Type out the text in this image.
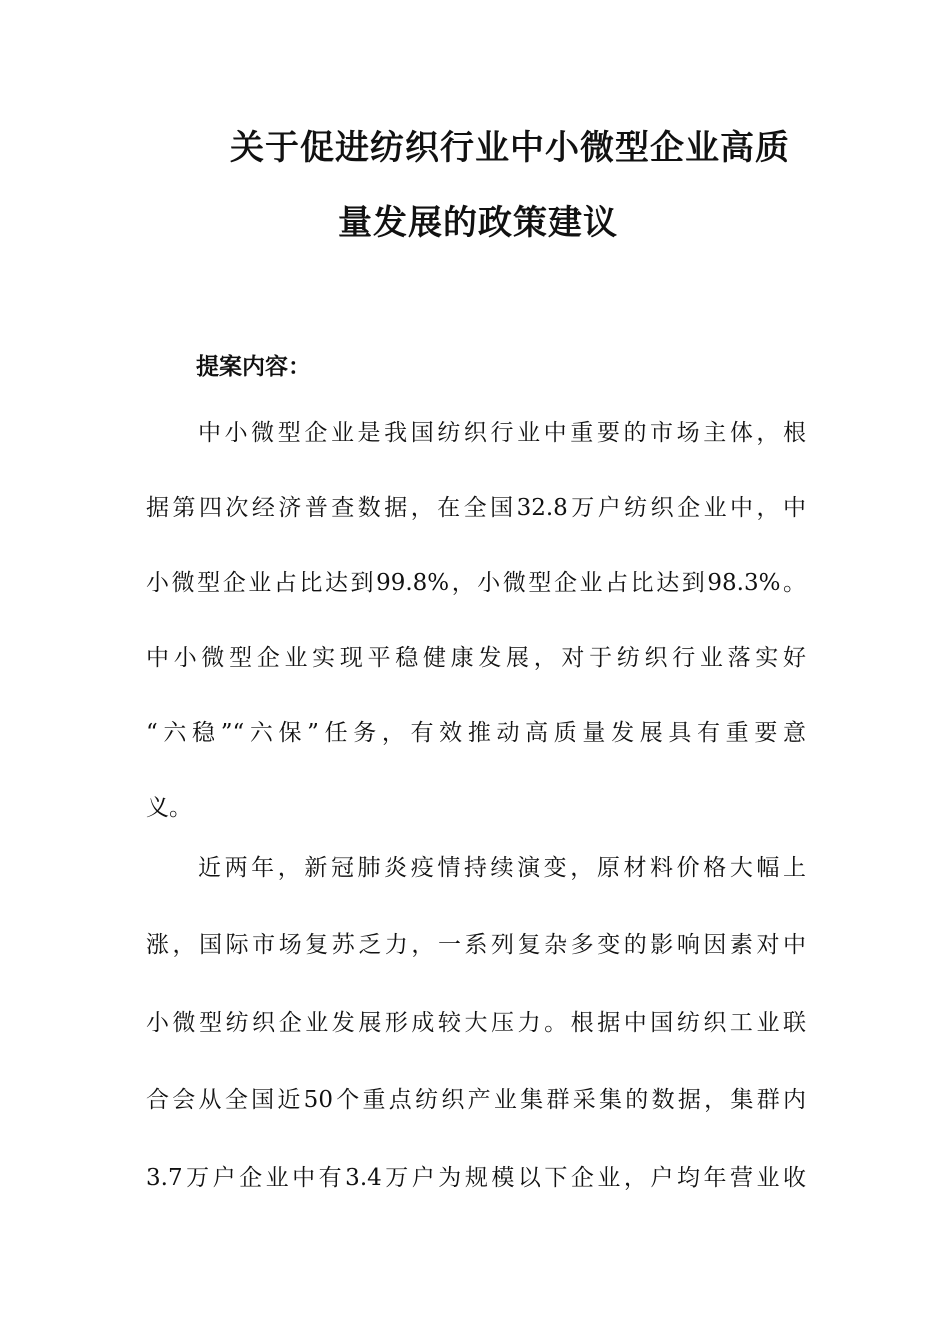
关于促进纺织行业中小微型企业高质
量发展的政策建议
提案内容：
中小微型企业是我国纺织行业中重要的市场主体，根
据第四次经济普查数据，在全国32.8万户纺织企业中，中
小微型企业占比达到99.8%，小微型企业占比达到98.3%。
中小微型企业实现平稳健康发展，对于纺织行业落实好
“六稳”“六保”任务，有效推动高质量发展具有重要意
义。
近两年，新冠肺炎疫情持续演变，原材料价格大幅上
涨，国际市场复苏乏力，一系列复杂多变的影响因素对中
小微型纺织企业发展形成较大压力。根据中国纺织工业联
合会从全国近50个重点纺织产业集群采集的数据，集群内
3.7万户企业中有3.4万户为规模以下企业，户均年营业收
